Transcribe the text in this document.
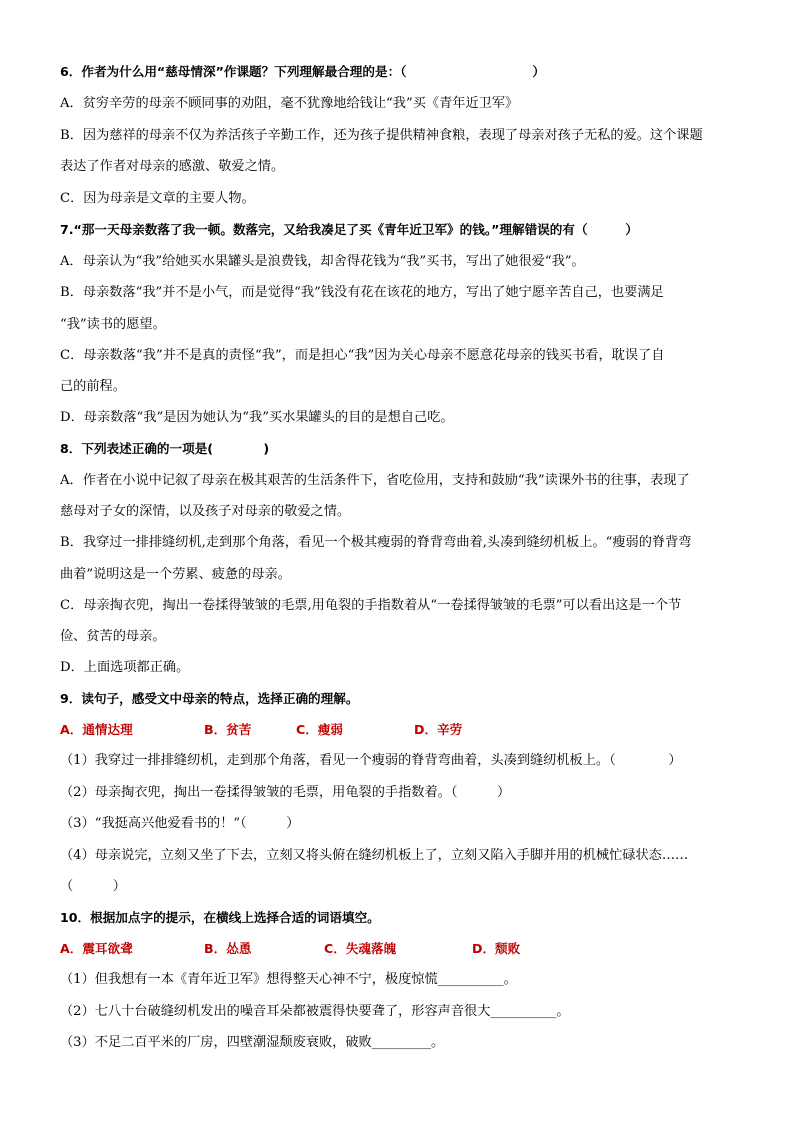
6．作者为什么用“慈母情深”作课题？下列理解最合理的是：（　　　　　　　　　　）
A．贫穷辛劳的母亲不顾同事的劝阻，毫不犹豫地给钱让“我”买《青年近卫军》
B．因为慈祥的母亲不仅为养活孩子辛勤工作，还为孩子提供精神食粮，表现了母亲对孩子无私的爱。这个课题
表达了作者对母亲的感激、敬爱之情。
C．因为母亲是文章的主要人物。
7.“那一天母亲数落了我一顿。数落完，又给我凑足了买《青年近卫军》的钱。”理解错误的有（　　　）
A．母亲认为“我”给她买水果罐头是浪费钱，却舍得花钱为“我”买书，写出了她很爱“我”。
B．母亲数落“我”并不是小气，而是觉得“我”钱没有花在该花的地方，写出了她宁愿辛苦自己，也要满足
“我”读书的愿望。
C．母亲数落“我”并不是真的责怪“我”，而是担心“我”因为关心母亲不愿意花母亲的钱买书看，耽误了自
己的前程。
D．母亲数落“我”是因为她认为“我”买水果罐头的目的是想自己吃。
8．下列表述正确的一项是(　　　　)
A．作者在小说中记叙了母亲在极其艰苦的生活条件下，省吃俭用，支持和鼓励“我”读课外书的往事，表现了
慈母对子女的深情，以及孩子对母亲的敬爱之情。
B．我穿过一排排缝纫机,走到那个角落，看见一个极其瘦弱的脊背弯曲着,头凑到缝纫机板上。“瘦弱的脊背弯
曲着”说明这是一个劳累、疲惫的母亲。
C．母亲掏衣兜，掏出一卷揉得皱皱的毛票,用龟裂的手指数着从“一卷揉得皱皱的毛票”可以看出这是一个节
俭、贫苦的母亲。
D．上面选项都正确。
9．读句子，感受文中母亲的特点，选择正确的理解。
A．通情达理	B．贫苦	C．瘦弱	D．辛劳
（1）我穿过一排排缝纫机，走到那个角落，看见一个瘦弱的脊背弯曲着，头凑到缝纫机板上。（　　　　）
（2）母亲掏衣兜，掏出一卷揉得皱皱的毛票，用龟裂的手指数着。（　　　）
（3）“我挺高兴他爱看书的！”（　　　）
（4）母亲说完，立刻又坐了下去，立刻又将头俯在缝纫机板上了，立刻又陷入手脚并用的机械忙碌状态……
（　　　）
10．根据加点字的提示，在横线上选择合适的词语填空。
A．震耳欲聋	B．怂恿	C．失魂落魄	D．颓败
（1）但我想有一本《青年近卫军》想得整天心神不宁，极度惊慌__________。
（2）七八十台破缝纫机发出的噪音耳朵都被震得快要聋了，形容声音很大__________。
（3）不足二百平米的厂房，四壁潮湿颓废衰败，破败_________。
